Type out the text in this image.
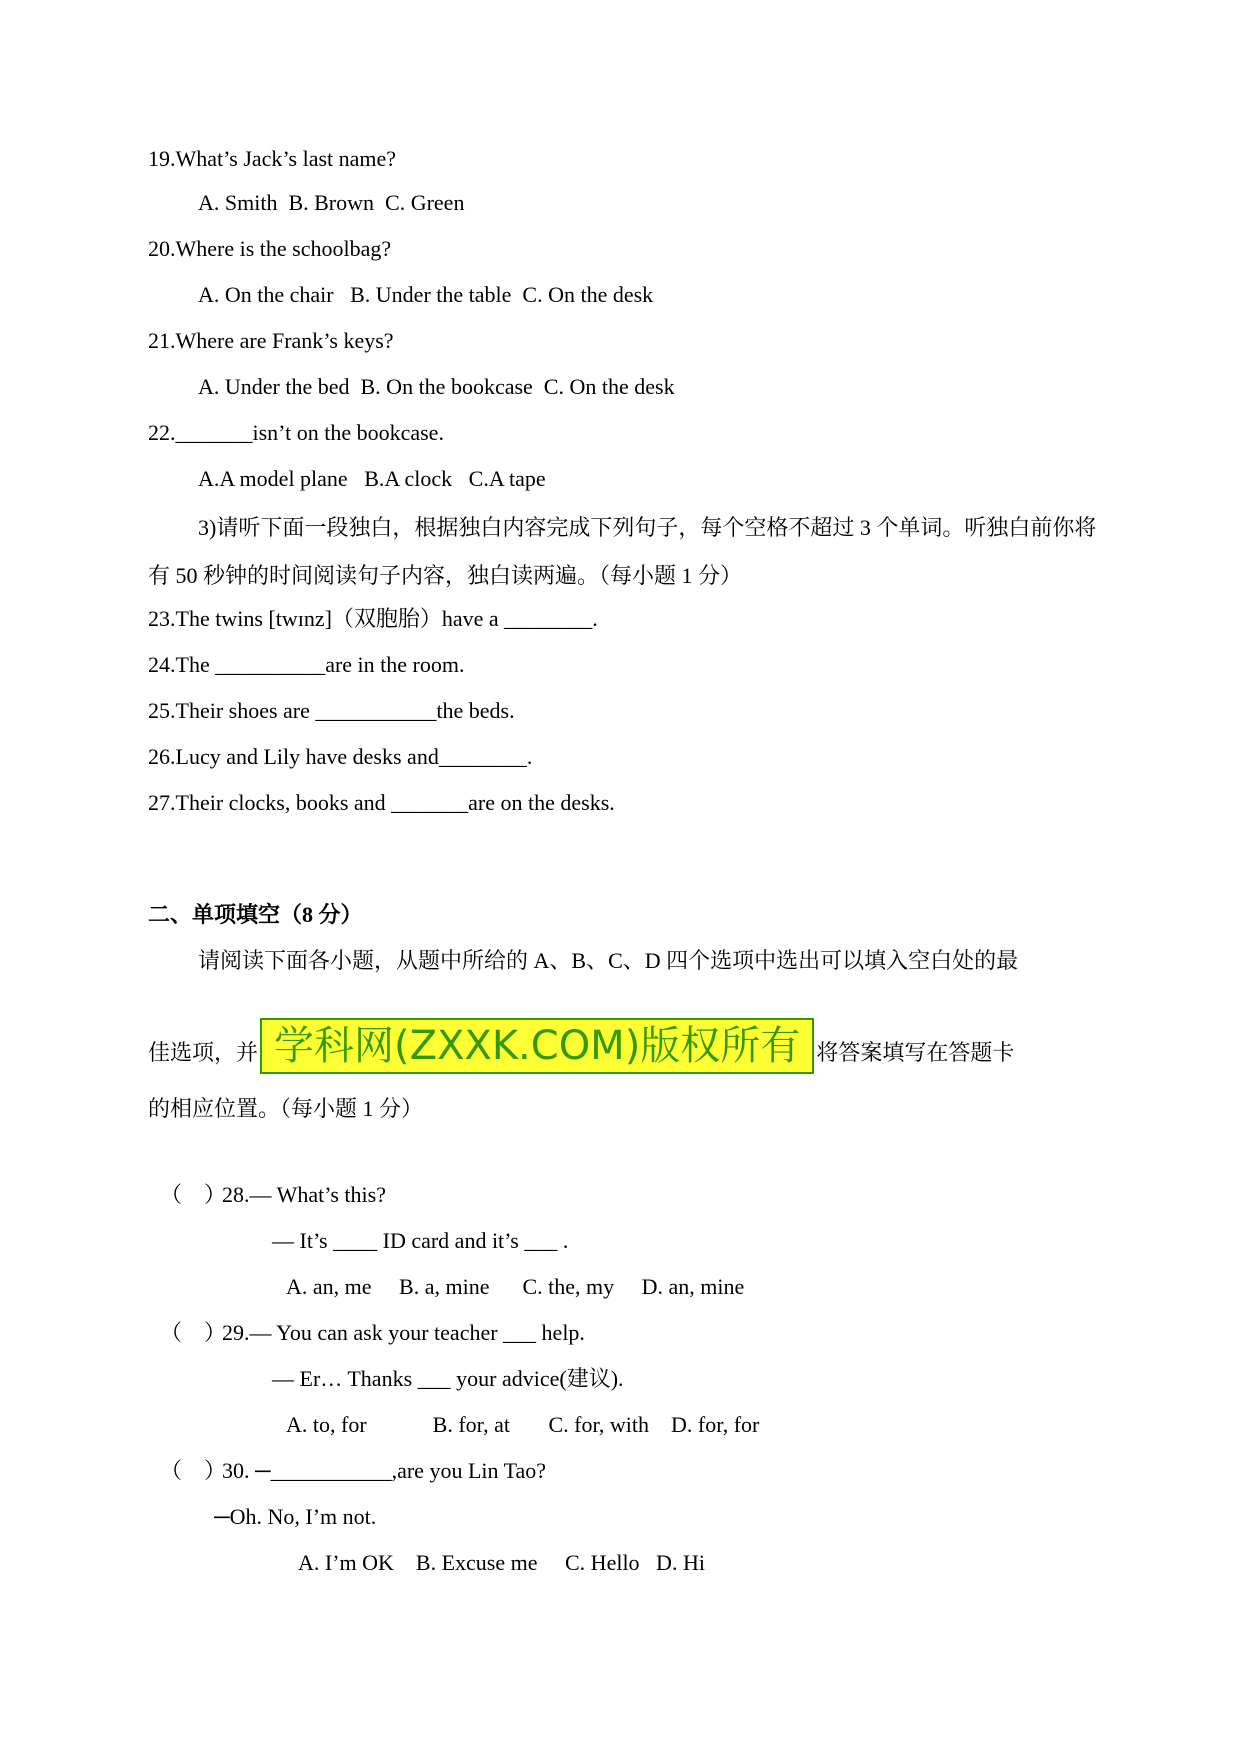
19.What’s Jack’s last name?
A. Smith  B. Brown  C. Green
20.Where is the schoolbag?
A. On the chair   B. Under the table  C. On the desk
21.Where are Frank’s keys?
A. Under the bed  B. On the bookcase  C. On the desk
22._______isn’t on the bookcase.
A.A model plane   B.A clock   C.A tape
3)请听下面一段独白，根据独白内容完成下列句子，每个空格不超过 3 个单词。听独白前你将有 50 秒钟的时间阅读句子内容，独白读两遍。（每小题 1 分）
23.The twins [twɪnz]（双胞胎）have a ________.
24.The __________are in the room.
25.Their shoes are ___________the beds.
26.Lucy and Lily have desks and________.
27.Their clocks, books and _______are on the desks.
二、单项填空（8 分）
请阅读下面各小题，从题中所给的 A、B、C、D 四个选项中选出可以填入空白处的最
佳选项，并 学科网(ZXXK.COM)版权所有 将答案填写在答题卡
的相应位置。（每小题 1 分）
（    ）
28.— What’s this?
— It’s ____ ID card and it’s ___ .
A. an, me     B. a, mine      C. the, my     D. an, mine
（    ）
29.— You can ask your teacher ___ help.
— Er… Thanks ___ your advice(建议).
A. to, for            B. for, at       C. for, with    D. for, for
（    ）
30. ─___________,are you Lin Tao?
─Oh. No, I’m not.
A. I’m OK    B. Excuse me     C. Hello   D. Hi
